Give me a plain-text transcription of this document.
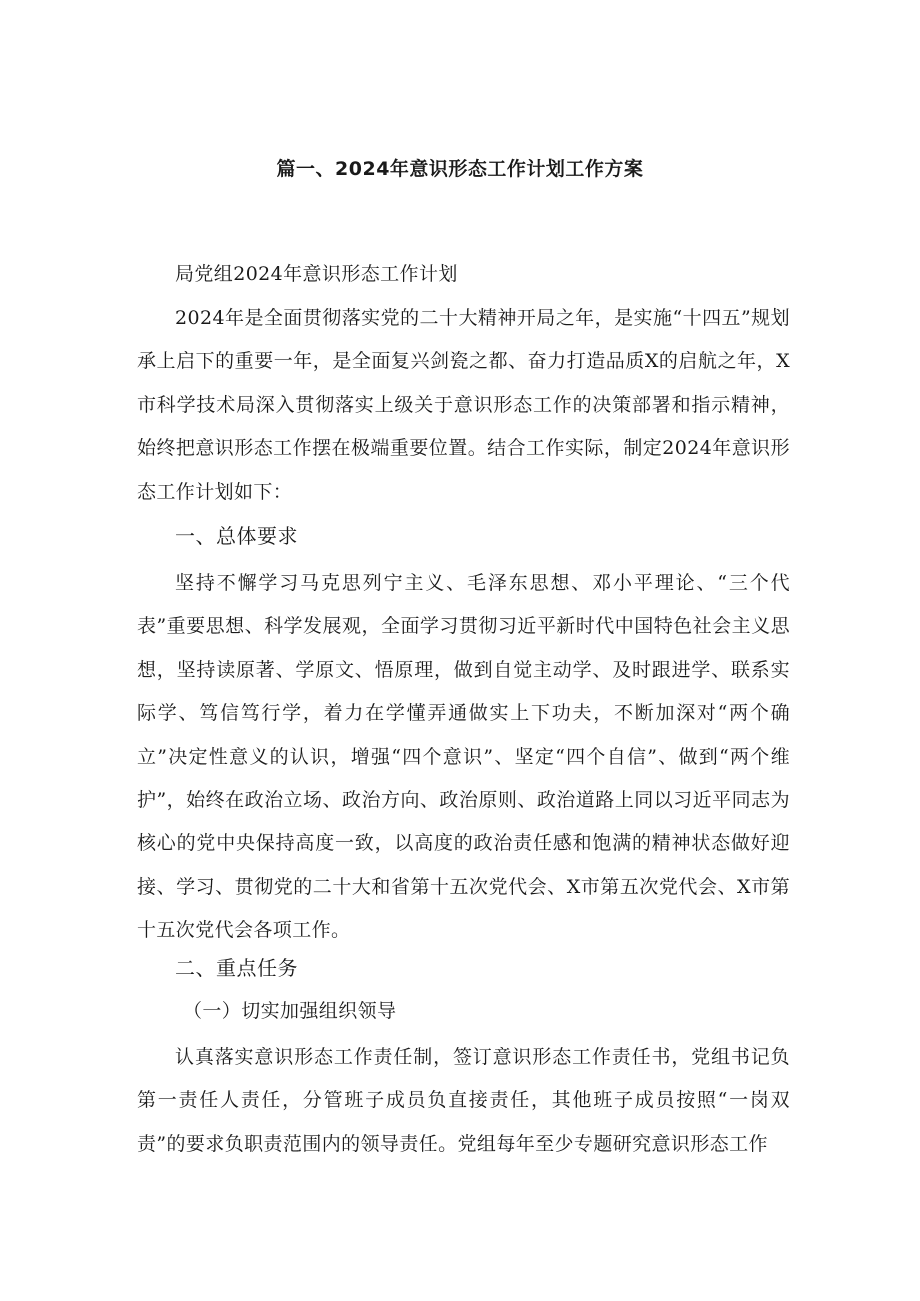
篇一、2024年意识形态工作计划工作方案

局党组2024年意识形态工作计划

2024年是全面贯彻落实党的二十大精神开局之年，是实施“十四五”规划承上启下的重要一年，是全面复兴剑瓷之都、奋力打造品质X的启航之年，X市科学技术局深入贯彻落实上级关于意识形态工作的决策部署和指示精神，始终把意识形态工作摆在极端重要位置。结合工作实际，制定2024年意识形态工作计划如下：

一、总体要求

坚持不懈学习马克思列宁主义、毛泽东思想、邓小平理论、“三个代表”重要思想、科学发展观，全面学习贯彻习近平新时代中国特色社会主义思想，坚持读原著、学原文、悟原理，做到自觉主动学、及时跟进学、联系实际学、笃信笃行学，着力在学懂弄通做实上下功夫，不断加深对“两个确立”决定性意义的认识，增强“四个意识”、坚定“四个自信”、做到“两个维护”，始终在政治立场、政治方向、政治原则、政治道路上同以习近平同志为核心的党中央保持高度一致，以高度的政治责任感和饱满的精神状态做好迎接、学习、贯彻党的二十大和省第十五次党代会、X市第五次党代会、X市第十五次党代会各项工作。

二、重点任务
（一）切实加强组织领导

认真落实意识形态工作责任制，签订意识形态工作责任书，党组书记负第一责任人责任，分管班子成员负直接责任，其他班子成员按照“一岗双责”的要求负职责范围内的领导责任。党组每年至少专题研究意识形态工作
